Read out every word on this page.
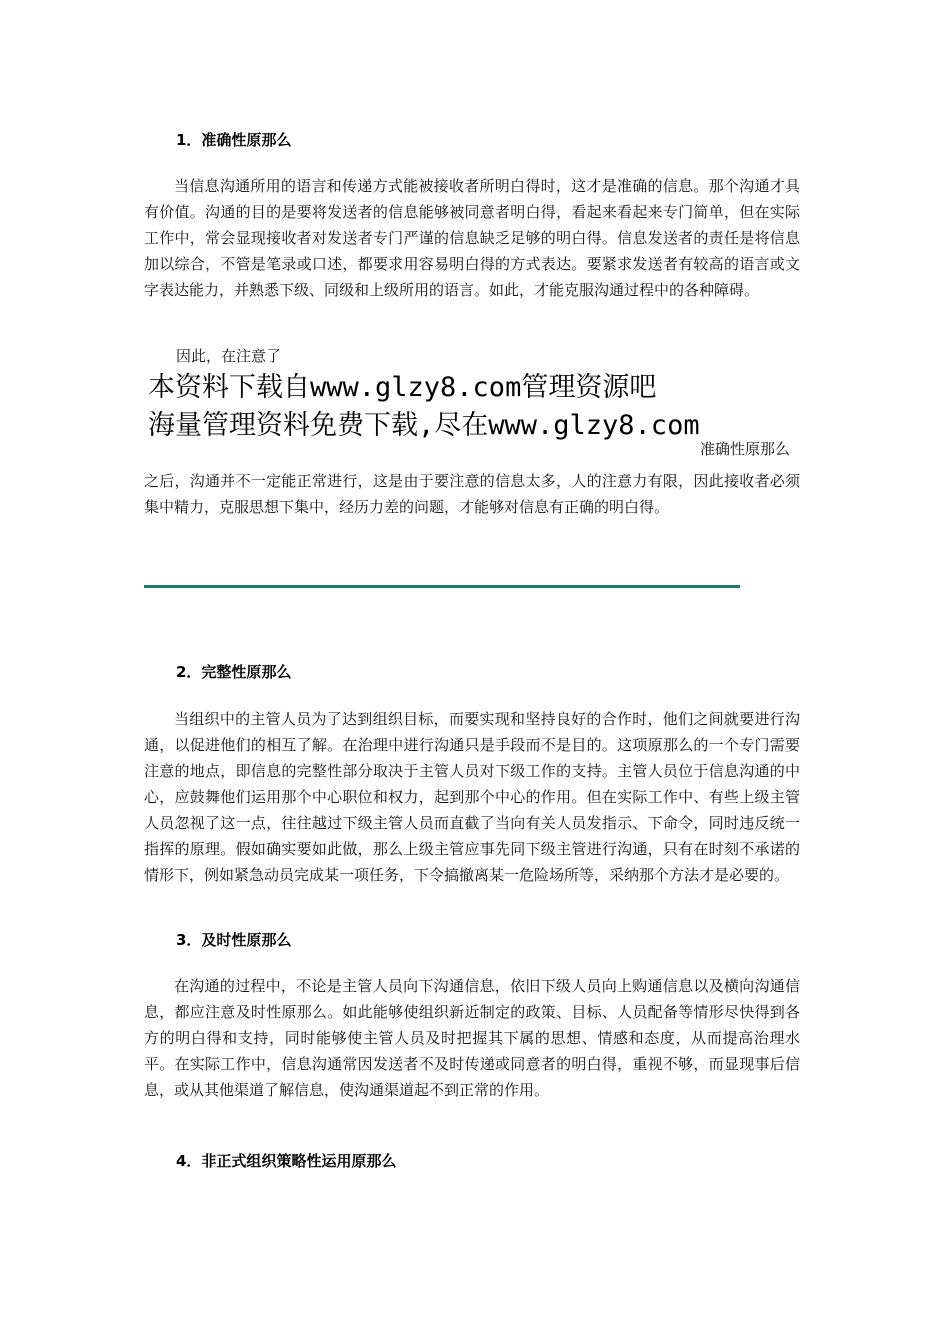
1．准确性原那么

当信息沟通所用的语言和传递方式能被接收者所明白得时，这才是准确的信息。那个沟通才具有价值。沟通的目的是要将发送者的信息能够被同意者明白得，看起来看起来专门简单，但在实际工作中，常会显现接收者对发送者专门严谨的信息缺乏足够的明白得。信息发送者的责任是将信息加以综合，不管是笔录或口述，都要求用容易明白得的方式表达。要紧求发送者有较高的语言或文字表达能力，并熟悉下级、同级和上级所用的语言。如此，才能克服沟通过程中的各种障碍。

因此，在注意了
本资料下载自www.glzy8.com管理资源吧
海量管理资料免费下载,尽在www.glzy8.com
准确性原那么

之后，沟通并不一定能正常进行，这是由于要注意的信息太多，人的注意力有限，因此接收者必须集中精力，克服思想下集中，经历力差的问题，才能够对信息有正确的明白得。

2．完整性原那么

当组织中的主管人员为了达到组织目标，而要实现和坚持良好的合作时，他们之间就要进行沟通，以促进他们的相互了解。在治理中进行沟通只是手段而不是目的。这项原那么的一个专门需要注意的地点，即信息的完整性部分取决于主管人员对下级工作的支持。主管人员位于信息沟通的中心，应鼓舞他们运用那个中心职位和权力，起到那个中心的作用。但在实际工作中、有些上级主管人员忽视了这一点，往往越过下级主管人员而直截了当向有关人员发指示、下命令，同时违反统一指挥的原理。假如确实要如此做，那么上级主管应事先同下级主管进行沟通，只有在时刻不承诺的情形下，例如紧急动员完成某一项任务，下令搞撤离某一危险场所等，采纳那个方法才是必要的。

3．及时性原那么

在沟通的过程中，不论是主管人员向下沟通信息，依旧下级人员向上购通信息以及横向沟通信息，都应注意及时性原那么。如此能够使组织新近制定的政策、目标、人员配备等情形尽快得到各方的明白得和支持，同时能够使主管人员及时把握其下属的思想、情感和态度，从而提高治理水平。在实际工作中，信息沟通常因发送者不及时传递或同意者的明白得，重视不够，而显现事后信息，或从其他渠道了解信息，使沟通渠道起不到正常的作用。

4．非正式组织策略性运用原那么
